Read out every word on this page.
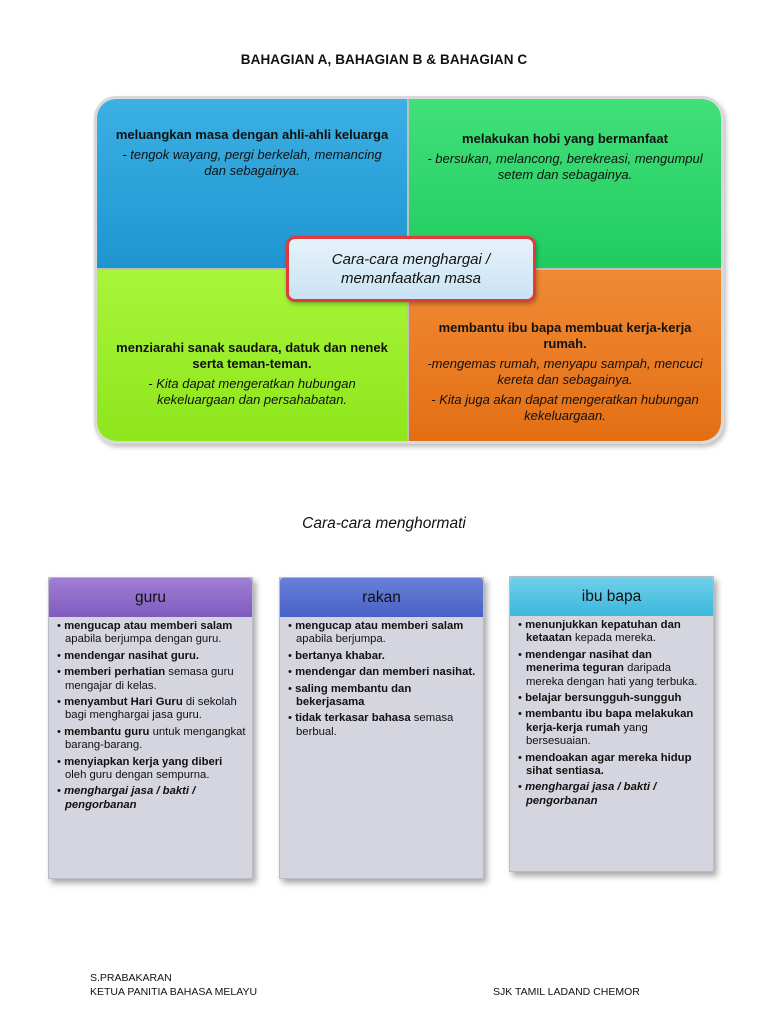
BAHAGIAN A, BAHAGIAN B & BAHAGIAN C
meluangkan masa dengan ahli-ahli keluarga
- tengok wayang, pergi berkelah, memancing dan sebagainya.
melakukan hobi yang bermanfaat
- bersukan, melancong, berekreasi, mengumpul setem dan sebagainya.
menziarahi sanak saudara, datuk dan nenek serta teman-teman.
- Kita dapat mengeratkan hubungan kekeluargaan dan persahabatan.
membantu ibu bapa membuat kerja-kerja rumah.
-mengemas rumah, menyapu sampah, mencuci kereta dan sebagainya.
- Kita juga akan dapat mengeratkan hubungan kekeluargaan.
Cara-cara menghargai /
memanfaatkan masa
Cara-cara menghormati
guru
• mengucap atau memberi salam apabila berjumpa dengan guru.
• mendengar nasihat guru.
• memberi perhatian semasa guru mengajar di kelas.
• menyambut Hari Guru di sekolah bagi menghargai jasa guru.
• membantu guru untuk mengangkat barang-barang.
• menyiapkan kerja yang diberi oleh guru dengan sempurna.
• menghargai jasa / bakti / pengorbanan
rakan
• mengucap atau memberi salam apabila berjumpa.
• bertanya khabar.
• mendengar dan memberi nasihat.
• saling membantu dan bekerjasama
• tidak terkasar bahasa semasa berbual.
ibu bapa
• menunjukkan kepatuhan dan ketaatan kepada mereka.
• mendengar nasihat dan menerima teguran daripada mereka dengan hati yang terbuka.
• belajar bersungguh-sungguh
• membantu ibu bapa melakukan kerja-kerja rumah yang bersesuaian.
• mendoakan agar mereka hidup sihat sentiasa.
• menghargai jasa / bakti / pengorbanan
S.PRABAKARAN
KETUA PANITIA BAHASA MELAYU	SJK TAMIL LADAND CHEMOR
